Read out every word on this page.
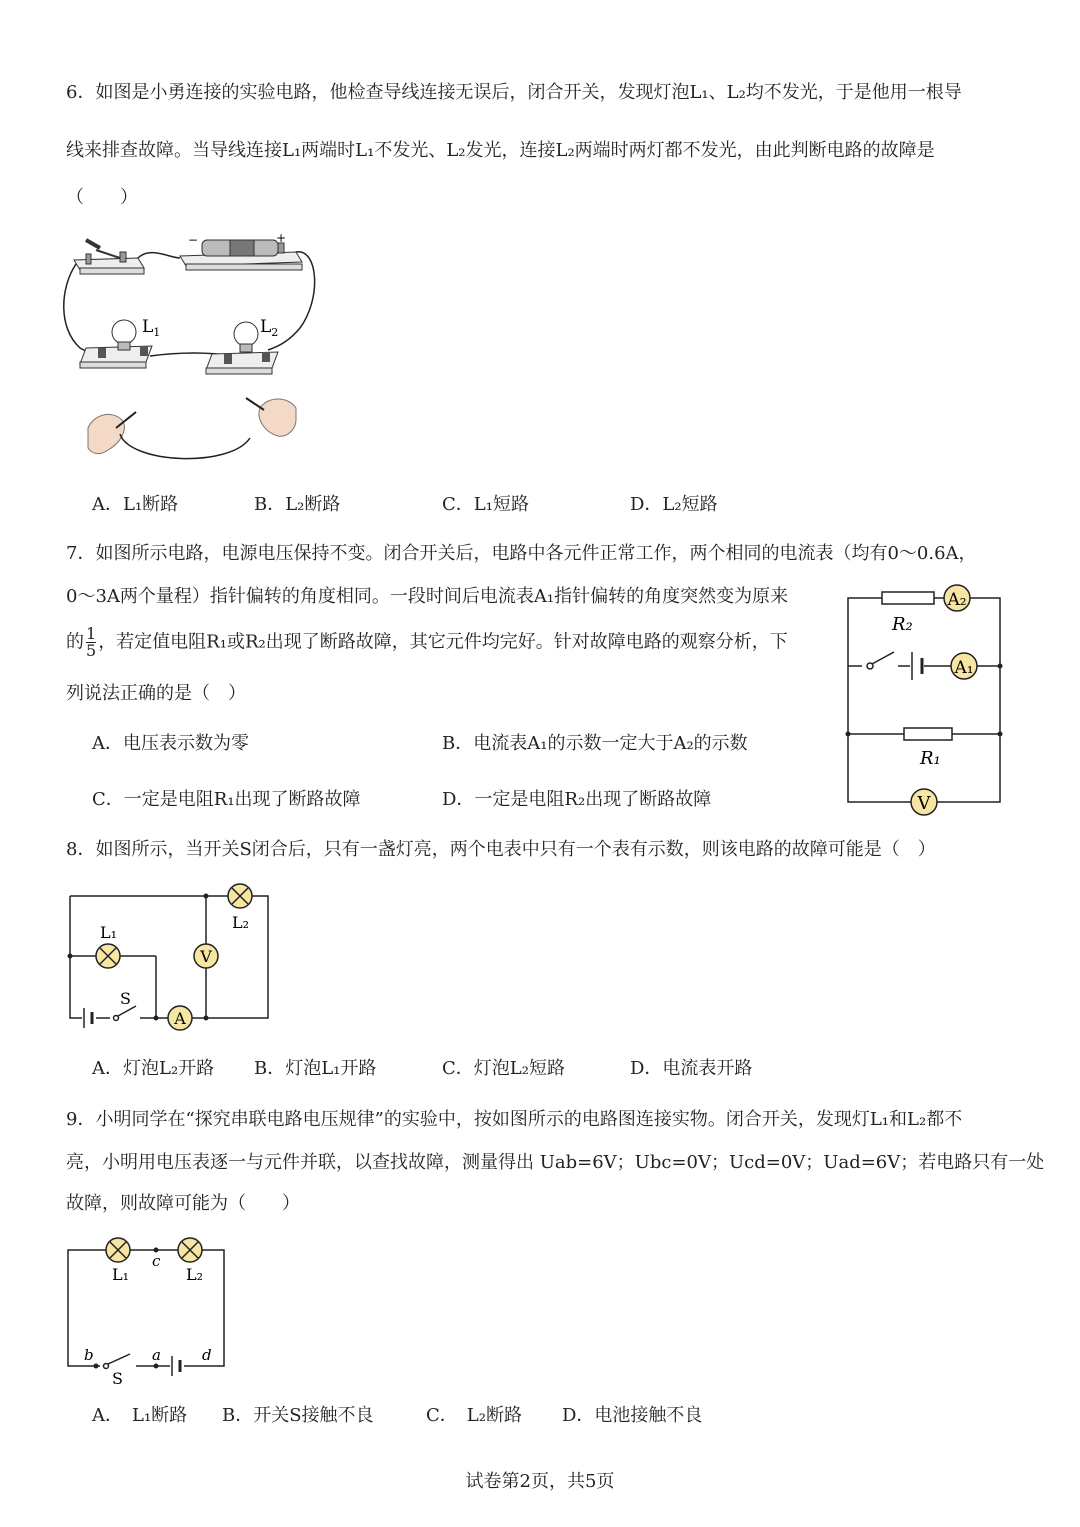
6．如图是小勇连接的实验电路，他检查导线连接无误后，闭合开关，发现灯泡L₁、L₂均不发光，于是他用一根导
线来排查故障。当导线连接L₁两端时L₁不发光、L₂发光，连接L₂两端时两灯都不发光，由此判断电路的故障是
（　　）
−	+
$L_1$	$L_2$
A．L₁断路	B．L₂断路	C．L₁短路	D．L₂短路
7．如图所示电路，电源电压保持不变。闭合开关后，电路中各元件正常工作，两个相同的电流表（均有0～0.6A，
0～3A两个量程）指针偏转的角度相同。一段时间后电流表A₁指针偏转的角度突然变为原来
的 $\frac{1}{5}$ ，若定值电阻R₁或R₂出现了断路故障，其它元件均完好。针对故障电路的观察分析，下
列说法正确的是（　）
A₂
R₂
A₁
R₁
V
A．电压表示数为零	B．电流表A₁的示数一定大于A₂的示数
C．一定是电阻R₁出现了断路故障	D．一定是电阻R₂出现了断路故障
8．如图所示，当开关S闭合后，只有一盏灯亮，两个电表中只有一个表有示数，则该电路的故障可能是（　）
L₂
L₁
V
S
A
A．灯泡L₂开路 B．灯泡L₁开路	C．灯泡L₂短路	D．电流表开路
9．小明同学在“探究串联电路电压规律”的实验中，按如图所示的电路图连接实物。闭合开关，发现灯L₁和L₂都不
亮，小明用电压表逐一与元件并联，以查找故障，测量得出 Uab=6V；Ubc=0V；Ucd=0V；Uad=6V；若电路只有一处
故障，则故障可能为（　　）
L₁
c
L₂
b
S
a	d
A．　L₁断路 B．开关S接触不良	C．　L₂断路 D．电池接触不良
试卷第2页，共5页
